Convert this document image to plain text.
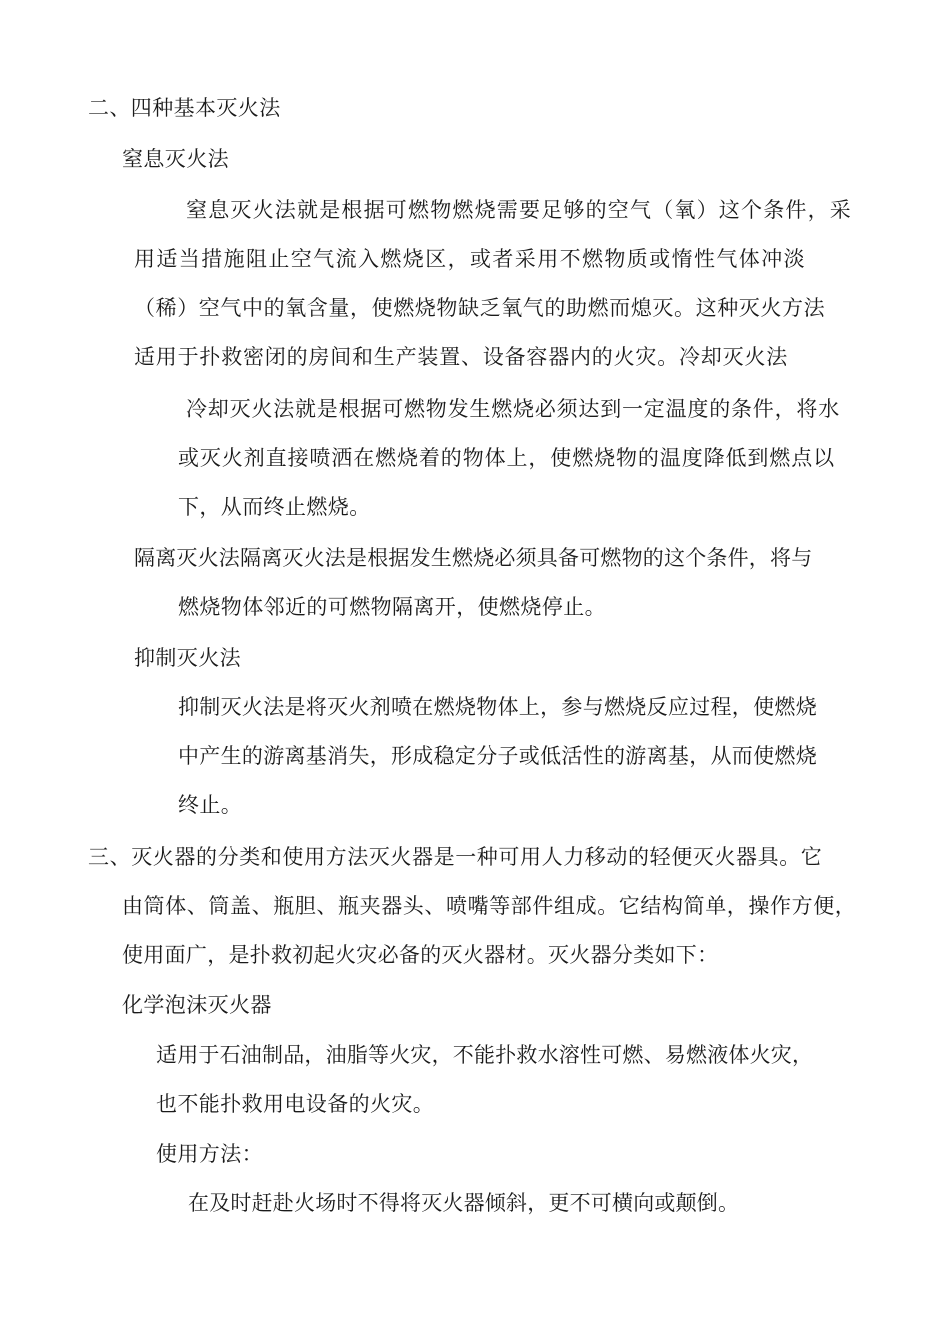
二、四种基本灭火法
窒息灭火法
窒息灭火法就是根据可燃物燃烧需要足够的空气（氧）这个条件，采
用适当措施阻止空气流入燃烧区，或者采用不燃物质或惰性气体冲淡
（稀）空气中的氧含量，使燃烧物缺乏氧气的助燃而熄灭。这种灭火方法
适用于扑救密闭的房间和生产装置、设备容器内的火灾。冷却灭火法
冷却灭火法就是根据可燃物发生燃烧必须达到一定温度的条件，将水
或灭火剂直接喷洒在燃烧着的物体上，使燃烧物的温度降低到燃点以
下，从而终止燃烧。
隔离灭火法隔离灭火法是根据发生燃烧必须具备可燃物的这个条件，将与
燃烧物体邻近的可燃物隔离开，使燃烧停止。
抑制灭火法
抑制灭火法是将灭火剂喷在燃烧物体上，参与燃烧反应过程，使燃烧
中产生的游离基消失，形成稳定分子或低活性的游离基，从而使燃烧
终止。
三、灭火器的分类和使用方法灭火器是一种可用人力移动的轻便灭火器具。它
由筒体、筒盖、瓶胆、瓶夹器头、喷嘴等部件组成。它结构简单，操作方便，
使用面广，是扑救初起火灾必备的灭火器材。灭火器分类如下：
化学泡沫灭火器
适用于石油制品，油脂等火灾，不能扑救水溶性可燃、易燃液体火灾，
也不能扑救用电设备的火灾。
使用方法：
在及时赶赴火场时不得将灭火器倾斜，更不可横向或颠倒。
